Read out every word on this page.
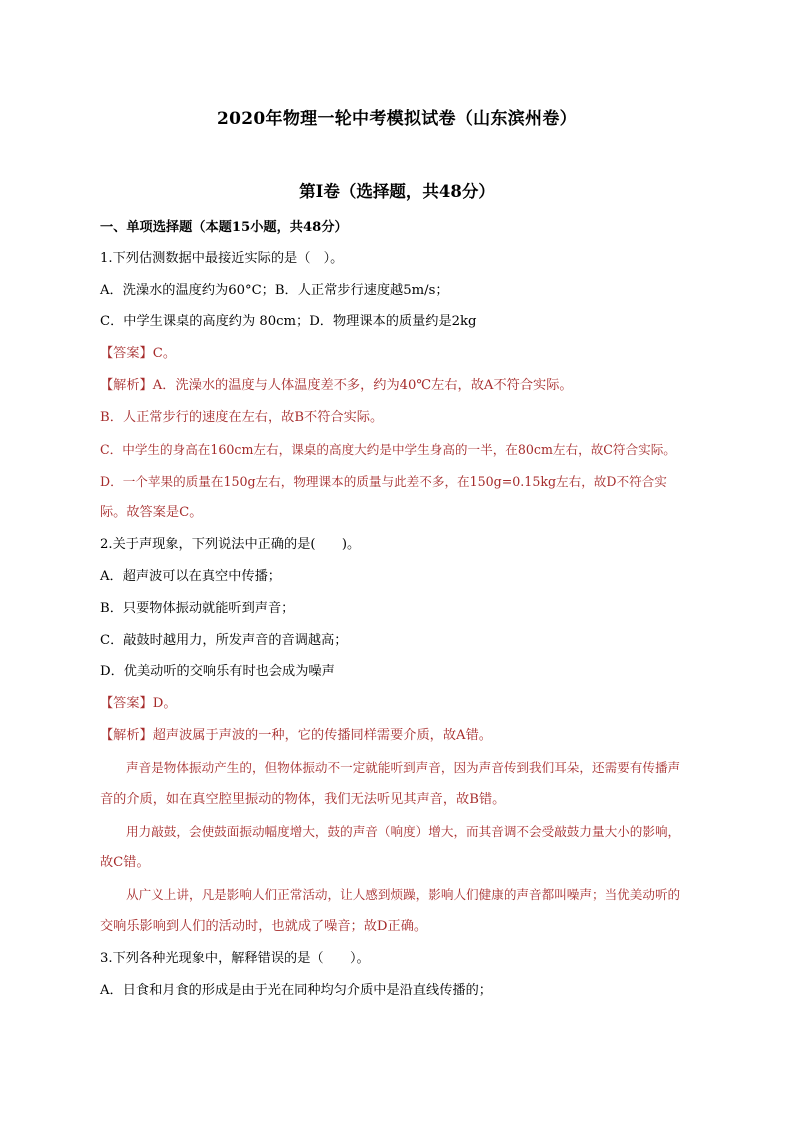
2020年物理一轮中考模拟试卷（山东滨州卷）
第Ⅰ卷（选择题，共48分）
一、单项选择题（本题15小题，共48分）
1.下列估测数据中最接近实际的是（　）。
A．洗澡水的温度约为60°C；B．人正常步行速度越5m/s；
C．中学生课桌的高度约为 80cm；D．物理课本的质量约是2kg
【答案】C。
【解析】A．洗澡水的温度与人体温度差不多，约为40℃左右，故A不符合实际。
B．人正常步行的速度在左右，故B不符合实际。
C．中学生的身高在160cm左右，课桌的高度大约是中学生身高的一半，在80cm左右，故C符合实际。
D．一个苹果的质量在150g左右，物理课本的质量与此差不多，在150g=0.15kg左右，故D不符合实
际。故答案是C。
2.关于声现象，下列说法中正确的是(　　)。
A．超声波可以在真空中传播；
B．只要物体振动就能听到声音；
C．敲鼓时越用力，所发声音的音调越高；
D．优美动听的交响乐有时也会成为噪声
【答案】D。
【解析】超声波属于声波的一种，它的传播同样需要介质，故A错。
声音是物体振动产生的，但物体振动不一定就能听到声音，因为声音传到我们耳朵，还需要有传播声
音的介质，如在真空腔里振动的物体，我们无法听见其声音，故B错。
用力敲鼓，会使鼓面振动幅度增大，鼓的声音（响度）增大，而其音调不会受敲鼓力量大小的影响，
故C错。
从广义上讲，凡是影响人们正常活动，让人感到烦躁，影响人们健康的声音都叫噪声；当优美动听的
交响乐影响到人们的活动时，也就成了噪音；故D正确。
3.下列各种光现象中，解释错误的是（　　）。
A．日食和月食的形成是由于光在同种均匀介质中是沿直线传播的；
